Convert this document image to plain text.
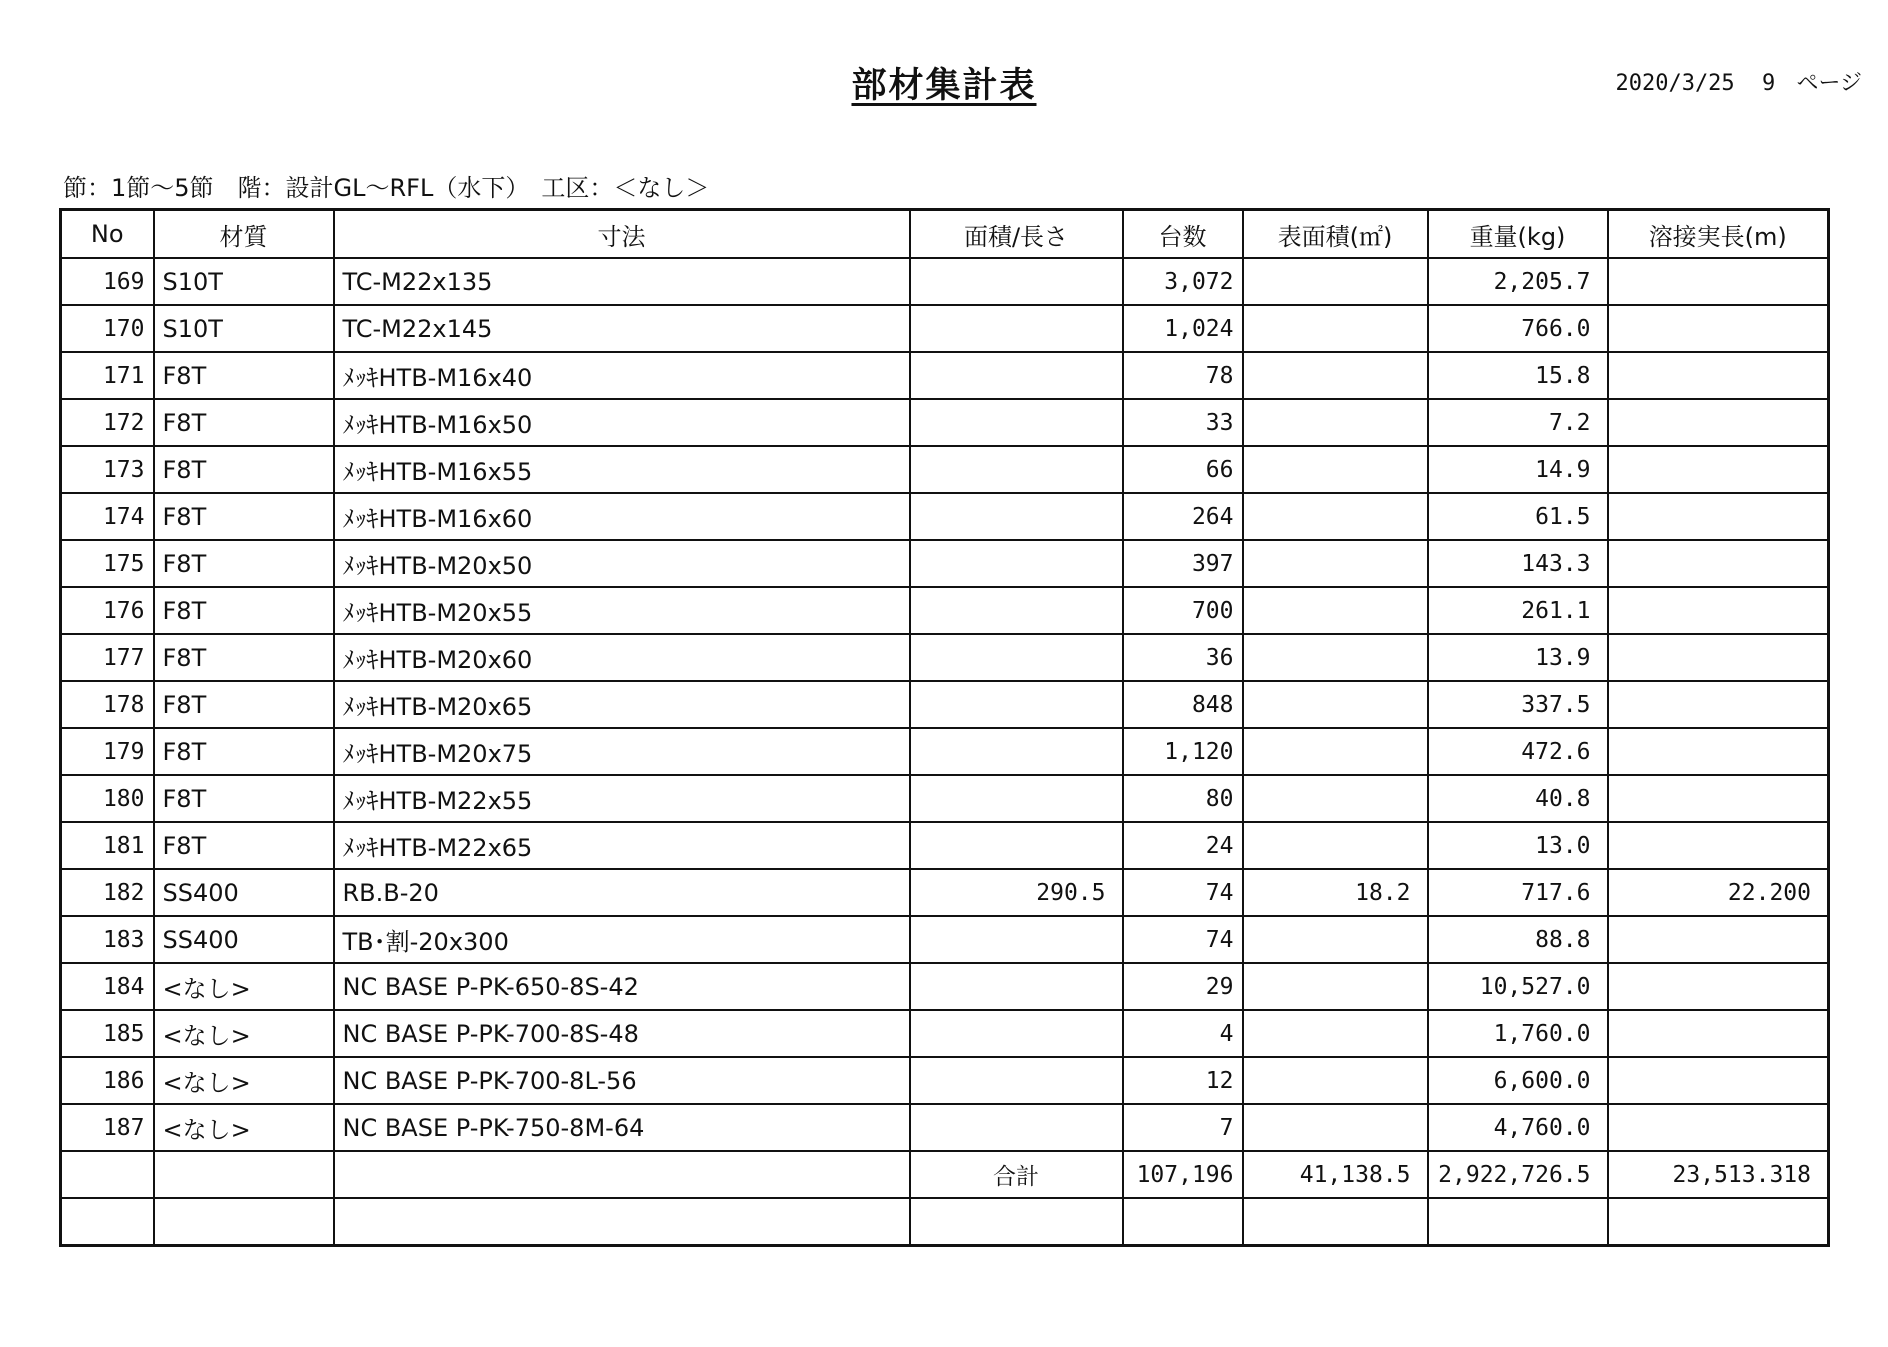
部材集計表	2020/3/25 9 ページ
節：1節〜5節　階：設計GL〜RFL（水下）　工区：＜なし＞
No	材質	寸法	面積/長さ	台数	表面積(㎡)	重量(kg)	溶接実長(m)
169	S10T	TC-M22x135		3,072		2,205.7	
170	S10T	TC-M22x145		1,024		766.0	
171	F8T	ﾒｯｷHTB-M16x40		78		15.8	
172	F8T	ﾒｯｷHTB-M16x50		33		7.2	
173	F8T	ﾒｯｷHTB-M16x55		66		14.9	
174	F8T	ﾒｯｷHTB-M16x60		264		61.5	
175	F8T	ﾒｯｷHTB-M20x50		397		143.3	
176	F8T	ﾒｯｷHTB-M20x55		700		261.1	
177	F8T	ﾒｯｷHTB-M20x60		36		13.9	
178	F8T	ﾒｯｷHTB-M20x65		848		337.5	
179	F8T	ﾒｯｷHTB-M20x75		1,120		472.6	
180	F8T	ﾒｯｷHTB-M22x55		80		40.8	
181	F8T	ﾒｯｷHTB-M22x65		24		13.0	
182	SS400	RB.B-20	290.5	74	18.2	717.6	22.200
183	SS400	TB･割-20x300		74		88.8	
184	<なし>	NC BASE P-PK-650-8S-42		29		10,527.0	
185	<なし>	NC BASE P-PK-700-8S-48		4		1,760.0	
186	<なし>	NC BASE P-PK-700-8L-56		12		6,600.0	
187	<なし>	NC BASE P-PK-750-8M-64		7		4,760.0	
			合計	107,196	41,138.5	2,922,726.5	23,513.318
